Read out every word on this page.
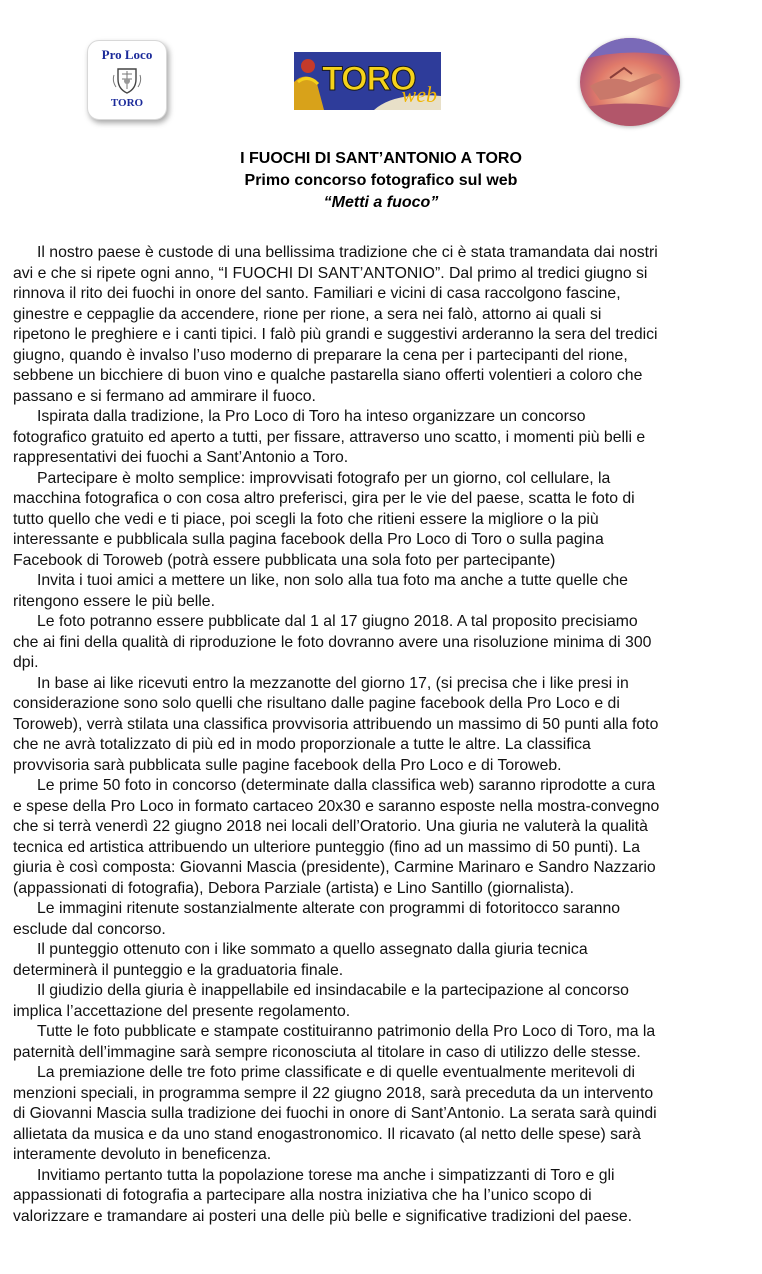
Pro Loco
TORO
TORO
web
I FUOCHI DI SANT’ANTONIO A TORO
Primo concorso fotografico sul web
“Metti a fuoco”
Il nostro paese è custode di una bellissima tradizione che ci è stata tramandata dai nostri
avi e che si ripete ogni anno, “I FUOCHI DI SANT’ANTONIO”. Dal primo al tredici giugno si
rinnova il rito dei fuochi in onore del santo. Familiari e vicini di casa raccolgono fascine,
ginestre e ceppaglie da accendere, rione per rione, a sera nei falò, attorno ai quali si
ripetono le preghiere e i canti tipici. I falò più grandi e suggestivi arderanno la sera del tredici
giugno, quando è invalso l’uso moderno di preparare la cena per i partecipanti del rione,
sebbene un bicchiere di buon vino e qualche pastarella siano offerti volentieri a coloro che
passano e si fermano ad ammirare il fuoco.
Ispirata dalla tradizione, la Pro Loco di Toro ha inteso organizzare un concorso
fotografico gratuito ed aperto a tutti, per fissare, attraverso uno scatto, i momenti più belli e
rappresentativi dei fuochi a Sant’Antonio a Toro.
Partecipare è molto semplice: improvvisati fotografo per un giorno, col cellulare, la
macchina fotografica o con cosa altro preferisci, gira per le vie del paese, scatta le foto di
tutto quello che vedi e ti piace, poi scegli la foto che ritieni essere la migliore o la più
interessante e pubblicala sulla pagina facebook della Pro Loco di Toro o sulla pagina
Facebook di Toroweb (potrà essere pubblicata una sola foto per partecipante)
Invita i tuoi amici a mettere un like, non solo alla tua foto ma anche a tutte quelle che
ritengono essere le più belle.
Le foto potranno essere pubblicate dal 1 al 17 giugno 2018. A tal proposito precisiamo
che ai fini della qualità di riproduzione le foto dovranno avere una risoluzione minima di 300
dpi.
In base ai like ricevuti entro la mezzanotte del giorno 17, (si precisa che i like presi in
considerazione sono solo quelli che risultano dalle pagine facebook della Pro Loco e di
Toroweb), verrà stilata una classifica provvisoria attribuendo un massimo di 50 punti alla foto
che ne avrà totalizzato di più ed in modo proporzionale a tutte le altre. La classifica
provvisoria sarà pubblicata sulle pagine facebook della Pro Loco e di Toroweb.
Le prime 50 foto in concorso (determinate dalla classifica web) saranno riprodotte a cura
e spese della Pro Loco in formato cartaceo 20x30 e saranno esposte nella mostra-convegno
che si terrà venerdì 22 giugno 2018 nei locali dell’Oratorio. Una giuria ne valuterà la qualità
tecnica ed artistica attribuendo un ulteriore punteggio (fino ad un massimo di 50 punti). La
giuria è così composta: Giovanni Mascia (presidente), Carmine Marinaro e Sandro Nazzario
(appassionati di fotografia), Debora Parziale (artista) e Lino Santillo (giornalista).
Le immagini ritenute sostanzialmente alterate con programmi di fotoritocco saranno
esclude dal concorso.
Il punteggio ottenuto con i like sommato a quello assegnato dalla giuria tecnica
determinerà il punteggio e la graduatoria finale.
Il giudizio della giuria è inappellabile ed insindacabile e la partecipazione al concorso
implica l’accettazione del presente regolamento.
Tutte le foto pubblicate e stampate costituiranno patrimonio della Pro Loco di Toro, ma la
paternità dell’immagine sarà sempre riconosciuta al titolare in caso di utilizzo delle stesse.
La premiazione delle tre foto prime classificate e di quelle eventualmente meritevoli di
menzioni speciali, in programma sempre il 22 giugno 2018, sarà preceduta da un intervento
di Giovanni Mascia sulla tradizione dei fuochi in onore di Sant’Antonio. La serata sarà quindi
allietata da musica e da uno stand enogastronomico. Il ricavato (al netto delle spese) sarà
interamente devoluto in beneficenza.
Invitiamo pertanto tutta la popolazione torese ma anche i simpatizzanti di Toro e gli
appassionati di fotografia a partecipare alla nostra iniziativa che ha l’unico scopo di
valorizzare e tramandare ai posteri una delle più belle e significative tradizioni del paese.
